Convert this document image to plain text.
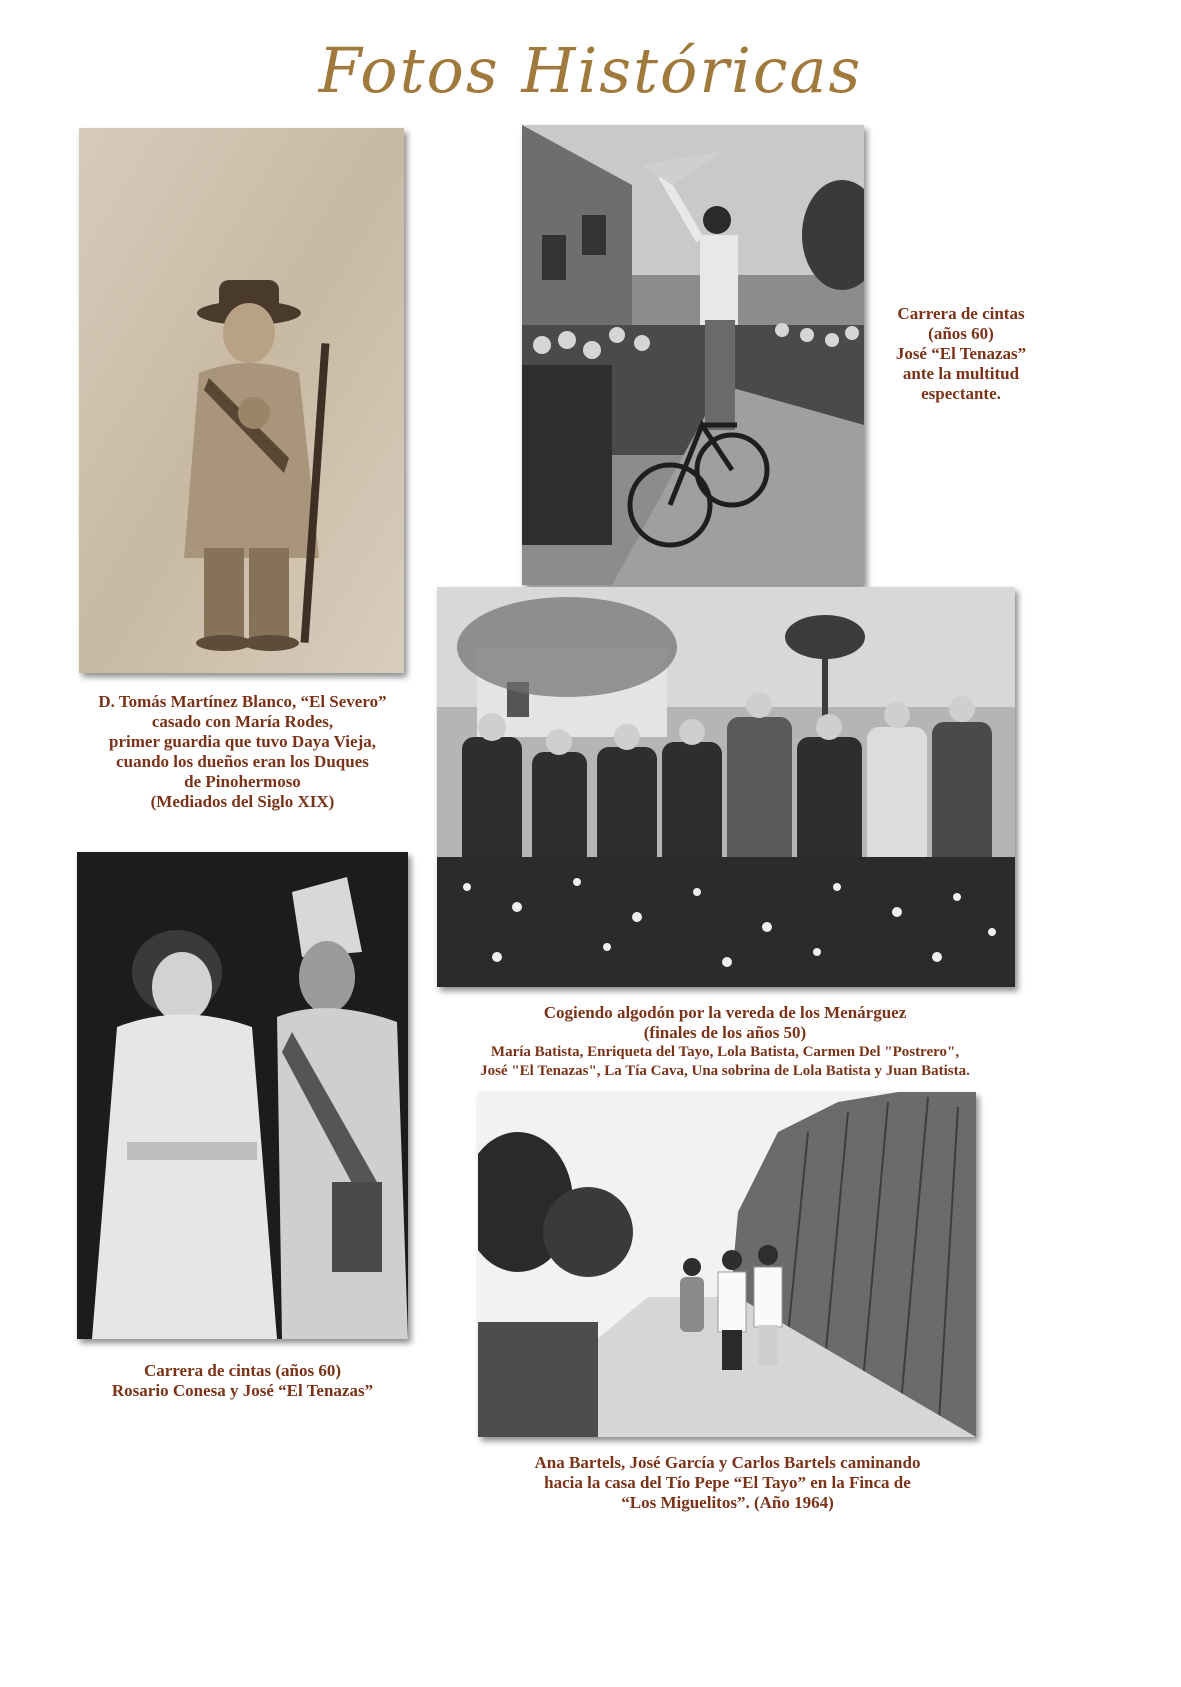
Fotos Históricas
Carrera de cintas
(años 60)
José “El Tenazas”
ante la multitud
espectante.
D. Tomás Martínez Blanco, “El Severo”
casado con María Rodes,
primer guardia que tuvo Daya Vieja,
cuando los dueños eran los Duques
de Pinohermoso
(Mediados del Siglo XIX)
Cogiendo algodón por la vereda de los Menárguez
(finales de los años 50)
María Batista, Enriqueta del Tayo, Lola Batista, Carmen Del "Postrero",
José "El Tenazas", La Tía Cava, Una sobrina de Lola Batista y Juan Batista.
Carrera de cintas (años 60)
Rosario Conesa y José “El Tenazas”
Ana Bartels, José García y Carlos Bartels caminando
hacia la casa del Tío Pepe “El Tayo” en la Finca de
“Los Miguelitos”. (Año 1964)
